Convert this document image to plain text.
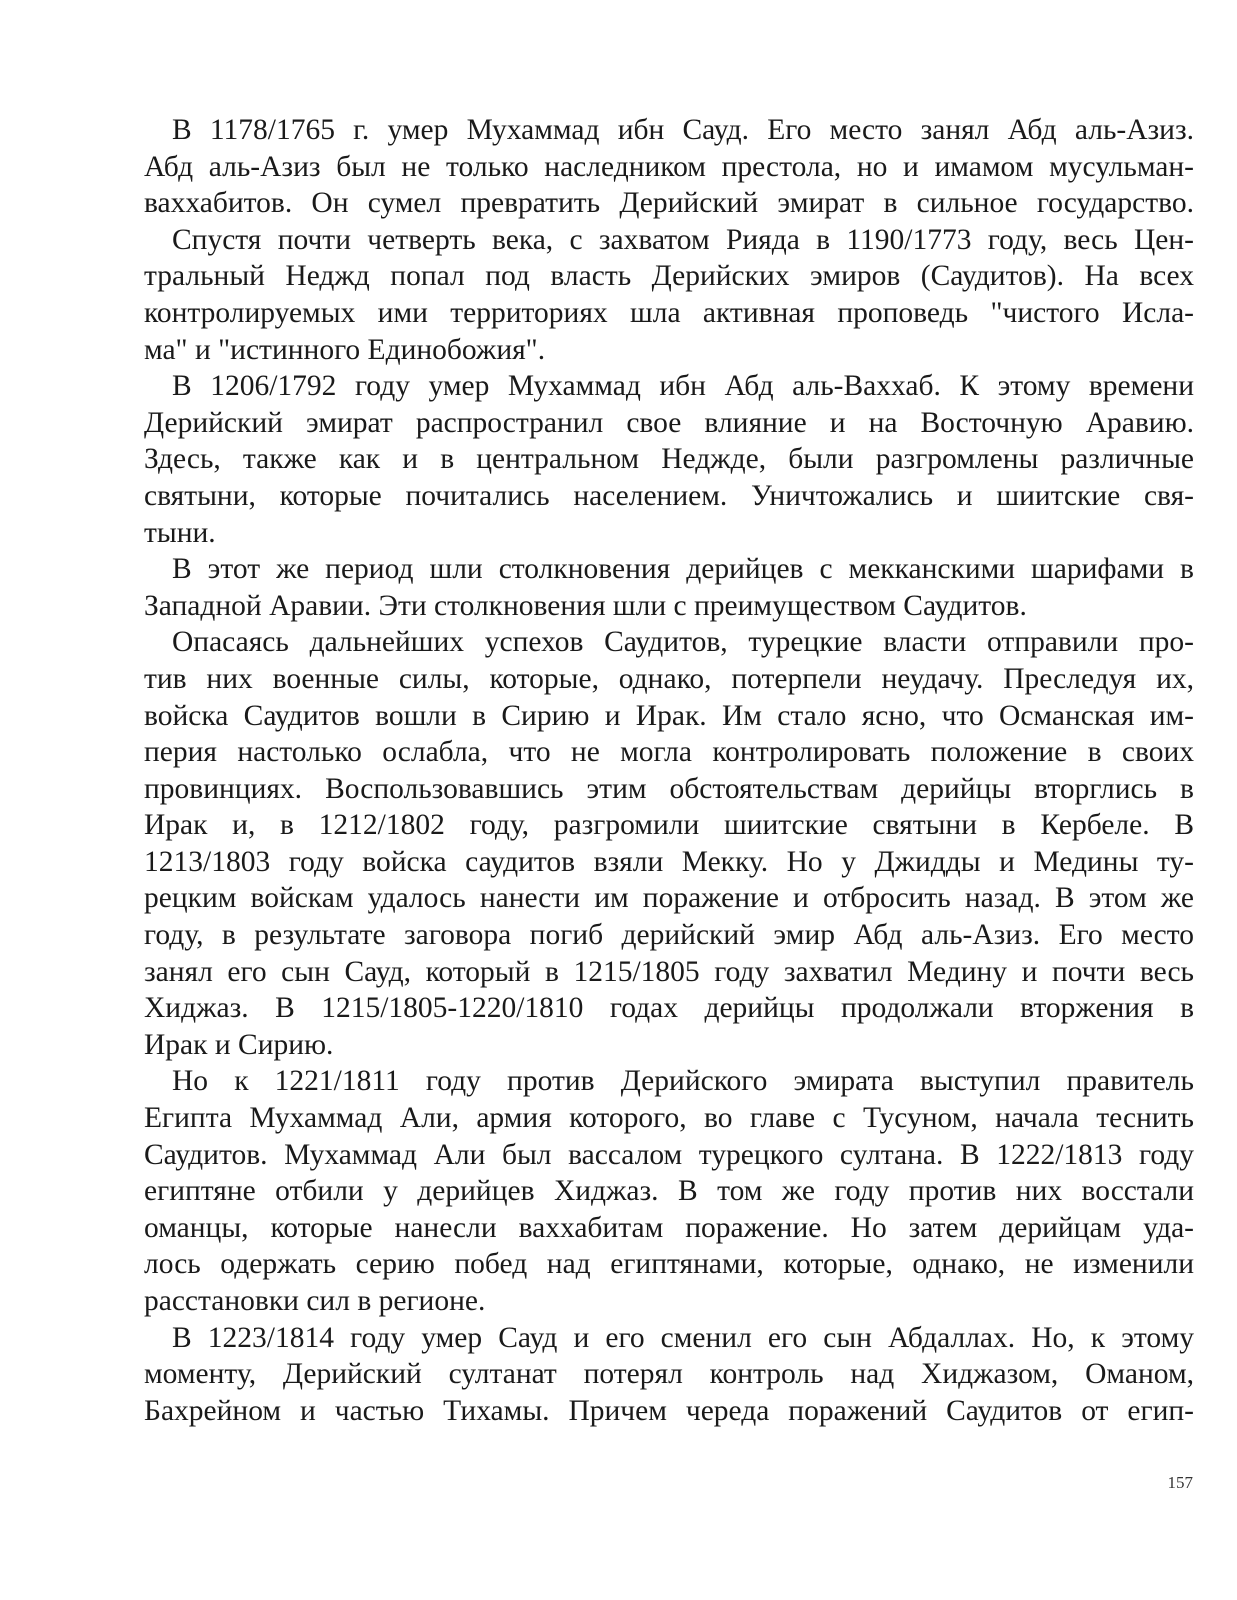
В 1178/1765 г. умер Мухаммад ибн Сауд. Его место занял Абд аль-Азиз.
Абд аль-Азиз был не только наследником престола, но и имамом мусульман-
ваххабитов. Он сумел превратить Дерийский эмират в сильное государство.
Спустя почти четверть века, с захватом Рияда в 1190/1773 году, весь Цен-
тральный Неджд попал под власть Дерийских эмиров (Саудитов). На всех
контролируемых ими территориях шла активная проповедь "чистого Исла-
ма" и "истинного Единобожия".
В 1206/1792 году умер Мухаммад ибн Абд аль-Ваххаб. К этому времени
Дерийский эмират распространил свое влияние и на Восточную Аравию.
Здесь, также как и в центральном Неджде, были разгромлены различные
святыни, которые почитались населением. Уничтожались и шиитские свя-
тыни.
В этот же период шли столкновения дерийцев с мекканскими шарифами в
Западной Аравии. Эти столкновения шли с преимуществом Саудитов.
Опасаясь дальнейших успехов Саудитов, турецкие власти отправили про-
тив них военные силы, которые, однако, потерпели неудачу. Преследуя их,
войска Саудитов вошли в Сирию и Ирак. Им стало ясно, что Османская им-
перия настолько ослабла, что не могла контролировать положение в своих
провинциях. Воспользовавшись этим обстоятельствам дерийцы вторглись в
Ирак и, в 1212/1802 году, разгромили шиитские святыни в Кербеле. В
1213/1803 году войска саудитов взяли Мекку. Но у Джидды и Медины ту-
рецким войскам удалось нанести им поражение и отбросить назад. В этом же
году, в результате заговора погиб дерийский эмир Абд аль-Азиз. Его место
занял его сын Сауд, который в 1215/1805 году захватил Медину и почти весь
Хиджаз. В 1215/1805-1220/1810 годах дерийцы продолжали вторжения в
Ирак и Сирию.
Но к 1221/1811 году против Дерийского эмирата выступил правитель
Египта Мухаммад Али, армия которого, во главе с Тусуном, начала теснить
Саудитов. Мухаммад Али был вассалом турецкого султана. В 1222/1813 году
египтяне отбили у дерийцев Хиджаз. В том же году против них восстали
оманцы, которые нанесли ваххабитам поражение. Но затем дерийцам уда-
лось одержать серию побед над египтянами, которые, однако, не изменили
расстановки сил в регионе.
В 1223/1814 году умер Сауд и его сменил его сын Абдаллах. Но, к этому
моменту, Дерийский султанат потерял контроль над Хиджазом, Оманом,
Бахрейном и частью Тихамы. Причем череда поражений Саудитов от егип-
157
